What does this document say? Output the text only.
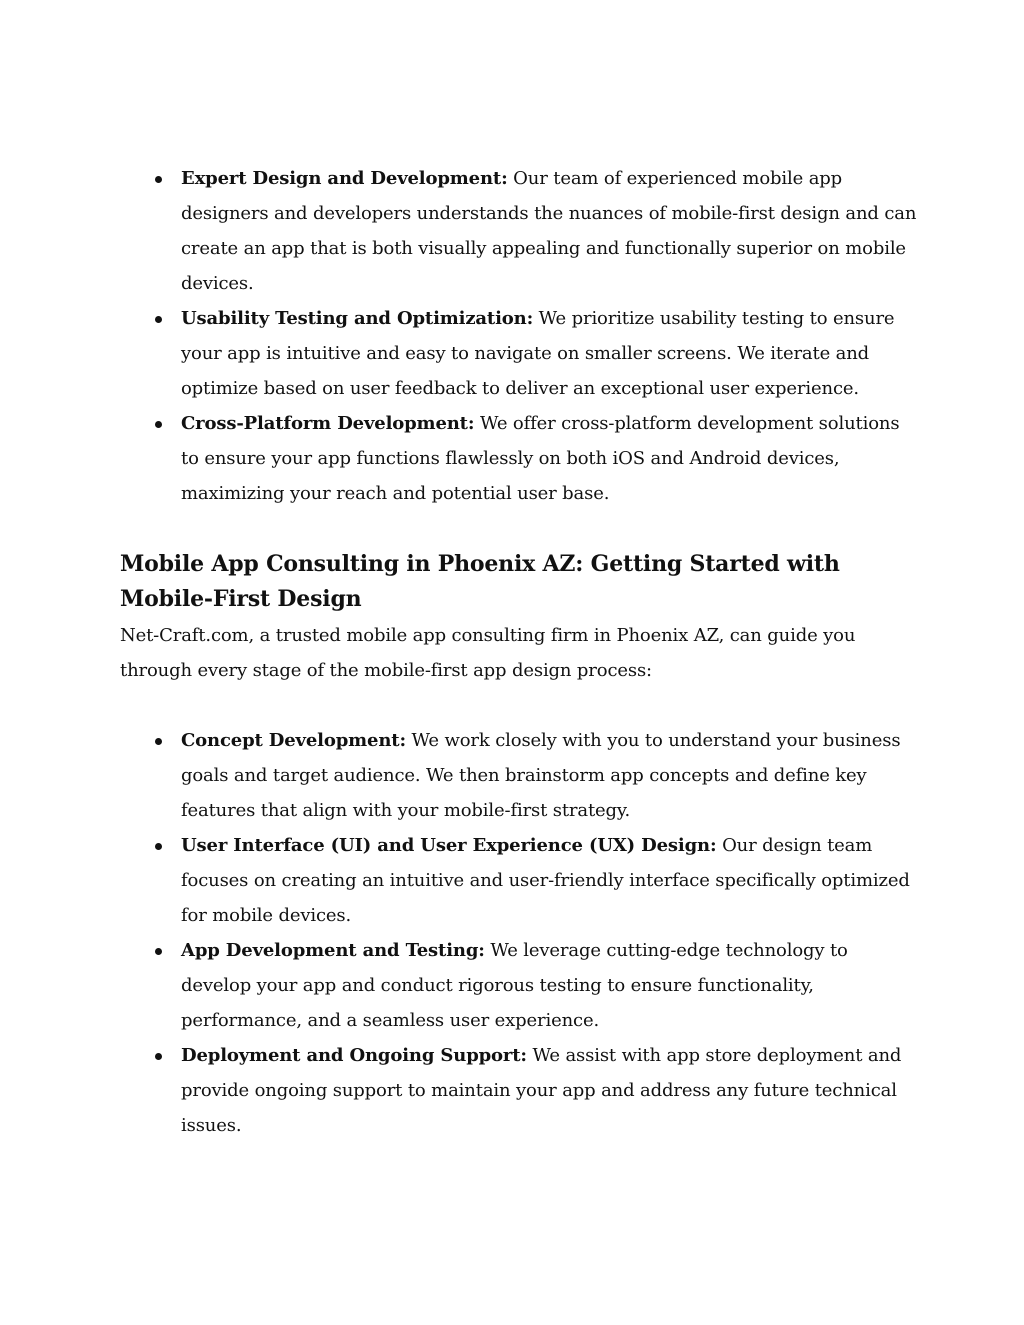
Expert Design and Development: Our team of experienced mobile app designers and developers understands the nuances of mobile-first design and can create an app that is both visually appealing and functionally superior on mobile devices.
Usability Testing and Optimization: We prioritize usability testing to ensure your app is intuitive and easy to navigate on smaller screens. We iterate and optimize based on user feedback to deliver an exceptional user experience.
Cross-Platform Development: We offer cross-platform development solutions to ensure your app functions flawlessly on both iOS and Android devices, maximizing your reach and potential user base.
Mobile App Consulting in Phoenix AZ: Getting Started with Mobile-First Design

Net-Craft.com, a trusted mobile app consulting firm in Phoenix AZ, can guide you through every stage of the mobile-first app design process:

Concept Development: We work closely with you to understand your business goals and target audience. We then brainstorm app concepts and define key features that align with your mobile-first strategy.
User Interface (UI) and User Experience (UX) Design: Our design team focuses on creating an intuitive and user-friendly interface specifically optimized for mobile devices.
App Development and Testing: We leverage cutting-edge technology to develop your app and conduct rigorous testing to ensure functionality, performance, and a seamless user experience.
Deployment and Ongoing Support: We assist with app store deployment and provide ongoing support to maintain your app and address any future technical issues.
